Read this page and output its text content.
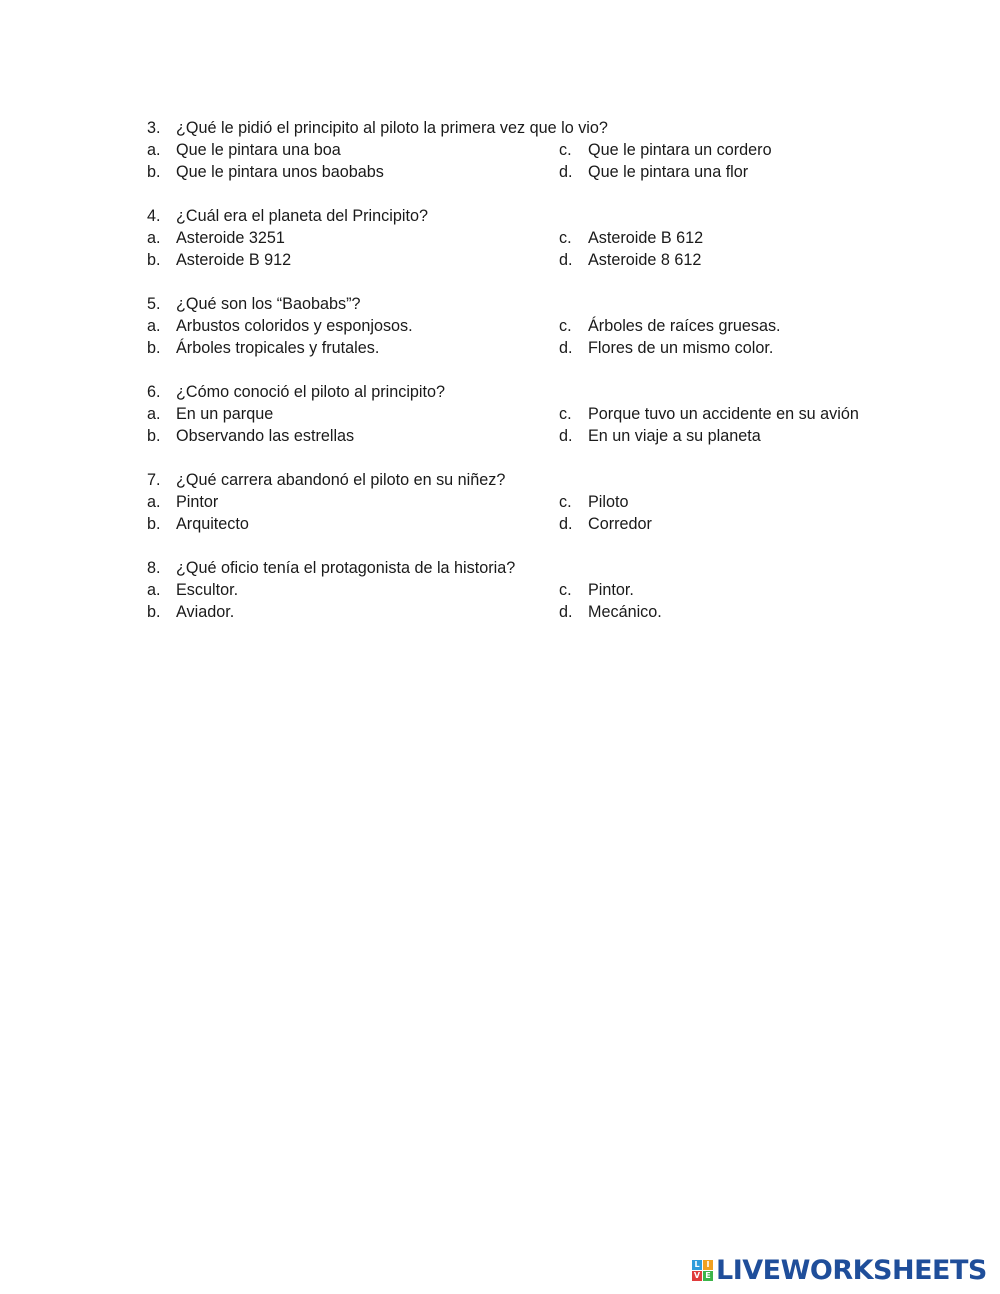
3. ¿Qué le pidió el principito al piloto la primera vez que lo vio?
a. Que le pintara una boa	c. Que le pintara un cordero
b. Que le pintara unos baobabs	d. Que le pintara una flor
4. ¿Cuál era el planeta del Principito?
a. Asteroide 3251	c. Asteroide B 612
b. Asteroide B 912	d. Asteroide 8 612
5. ¿Qué son los “Baobabs”?
a. Arbustos coloridos y esponjosos.	c. Árboles de raíces gruesas.
b. Árboles tropicales y frutales.	d. Flores de un mismo color.
6. ¿Cómo conoció el piloto al principito?
a. En un parque	c. Porque tuvo un accidente en su avión
b. Observando las estrellas	d. En un viaje a su planeta
7. ¿Qué carrera abandonó el piloto en su niñez?
a. Pintor	c. Piloto
b. Arquitecto	d. Corredor
8. ¿Qué oficio tenía el protagonista de la historia?
a. Escultor.	c. Pintor.
b. Aviador.	d. Mecánico.
L I
V E LIVEWORKSHEETS
